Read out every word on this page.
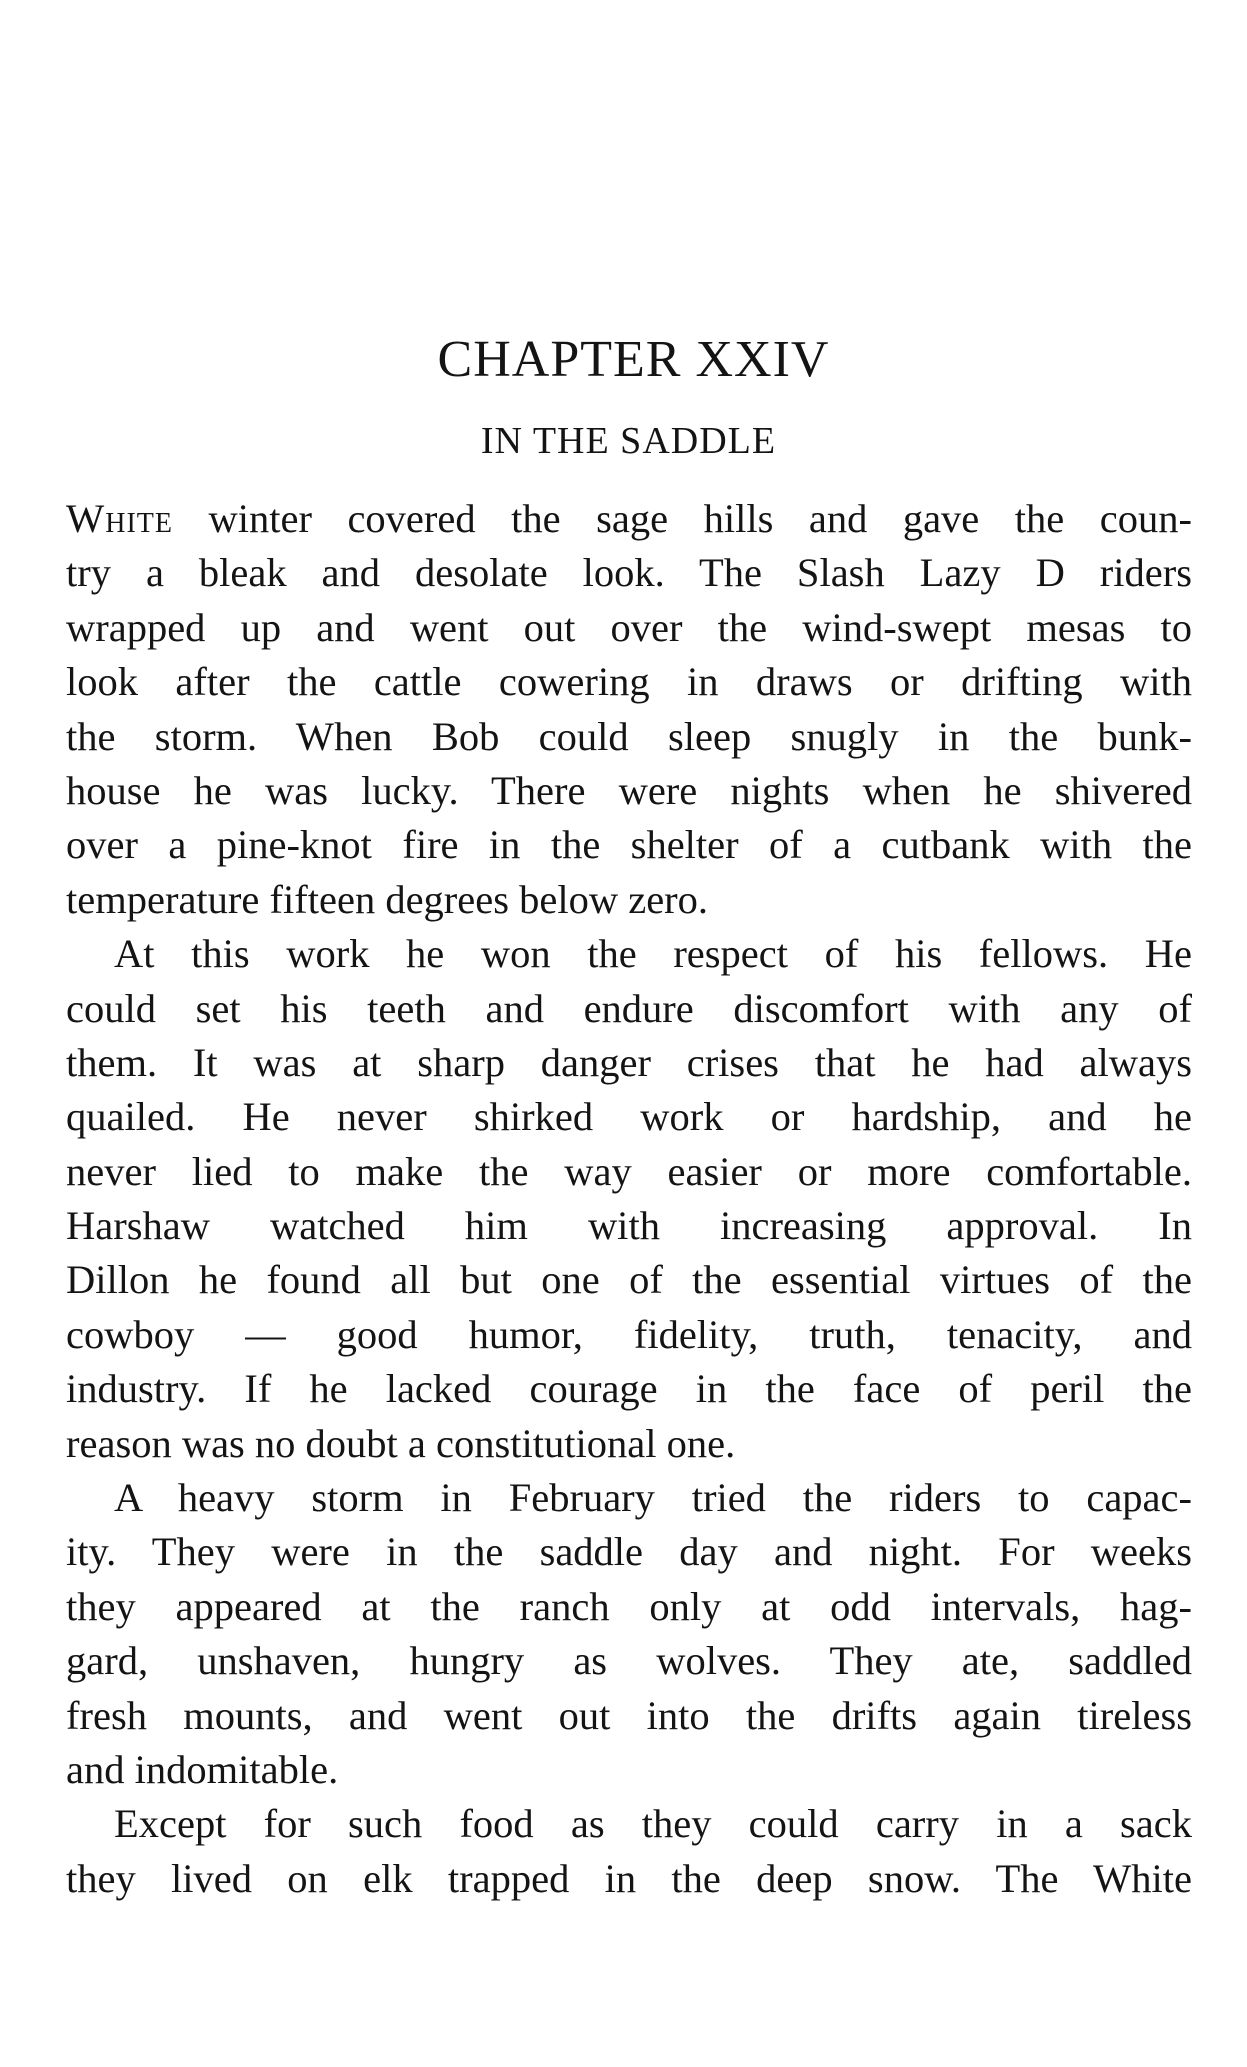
CHAPTER XXIV
IN THE SADDLE
White winter covered the sage hills and gave the coun-
try a bleak and desolate look. The Slash Lazy D riders
wrapped up and went out over the wind-swept mesas to
look after the cattle cowering in draws or drifting with
the storm. When Bob could sleep snugly in the bunk-
house he was lucky. There were nights when he shivered
over a pine-knot fire in the shelter of a cutbank with the
temperature fifteen degrees below zero.
At this work he won the respect of his fellows. He
could set his teeth and endure discomfort with any of
them. It was at sharp danger crises that he had always
quailed. He never shirked work or hardship, and he
never lied to make the way easier or more comfortable.
Harshaw watched him with increasing approval. In
Dillon he found all but one of the essential virtues of the
cowboy — good humor, fidelity, truth, tenacity, and
industry. If he lacked courage in the face of peril the
reason was no doubt a constitutional one.
A heavy storm in February tried the riders to capac-
ity. They were in the saddle day and night. For weeks
they appeared at the ranch only at odd intervals, hag-
gard, unshaven, hungry as wolves. They ate, saddled
fresh mounts, and went out into the drifts again tireless
and indomitable.
Except for such food as they could carry in a sack
they lived on elk trapped in the deep snow. The White
